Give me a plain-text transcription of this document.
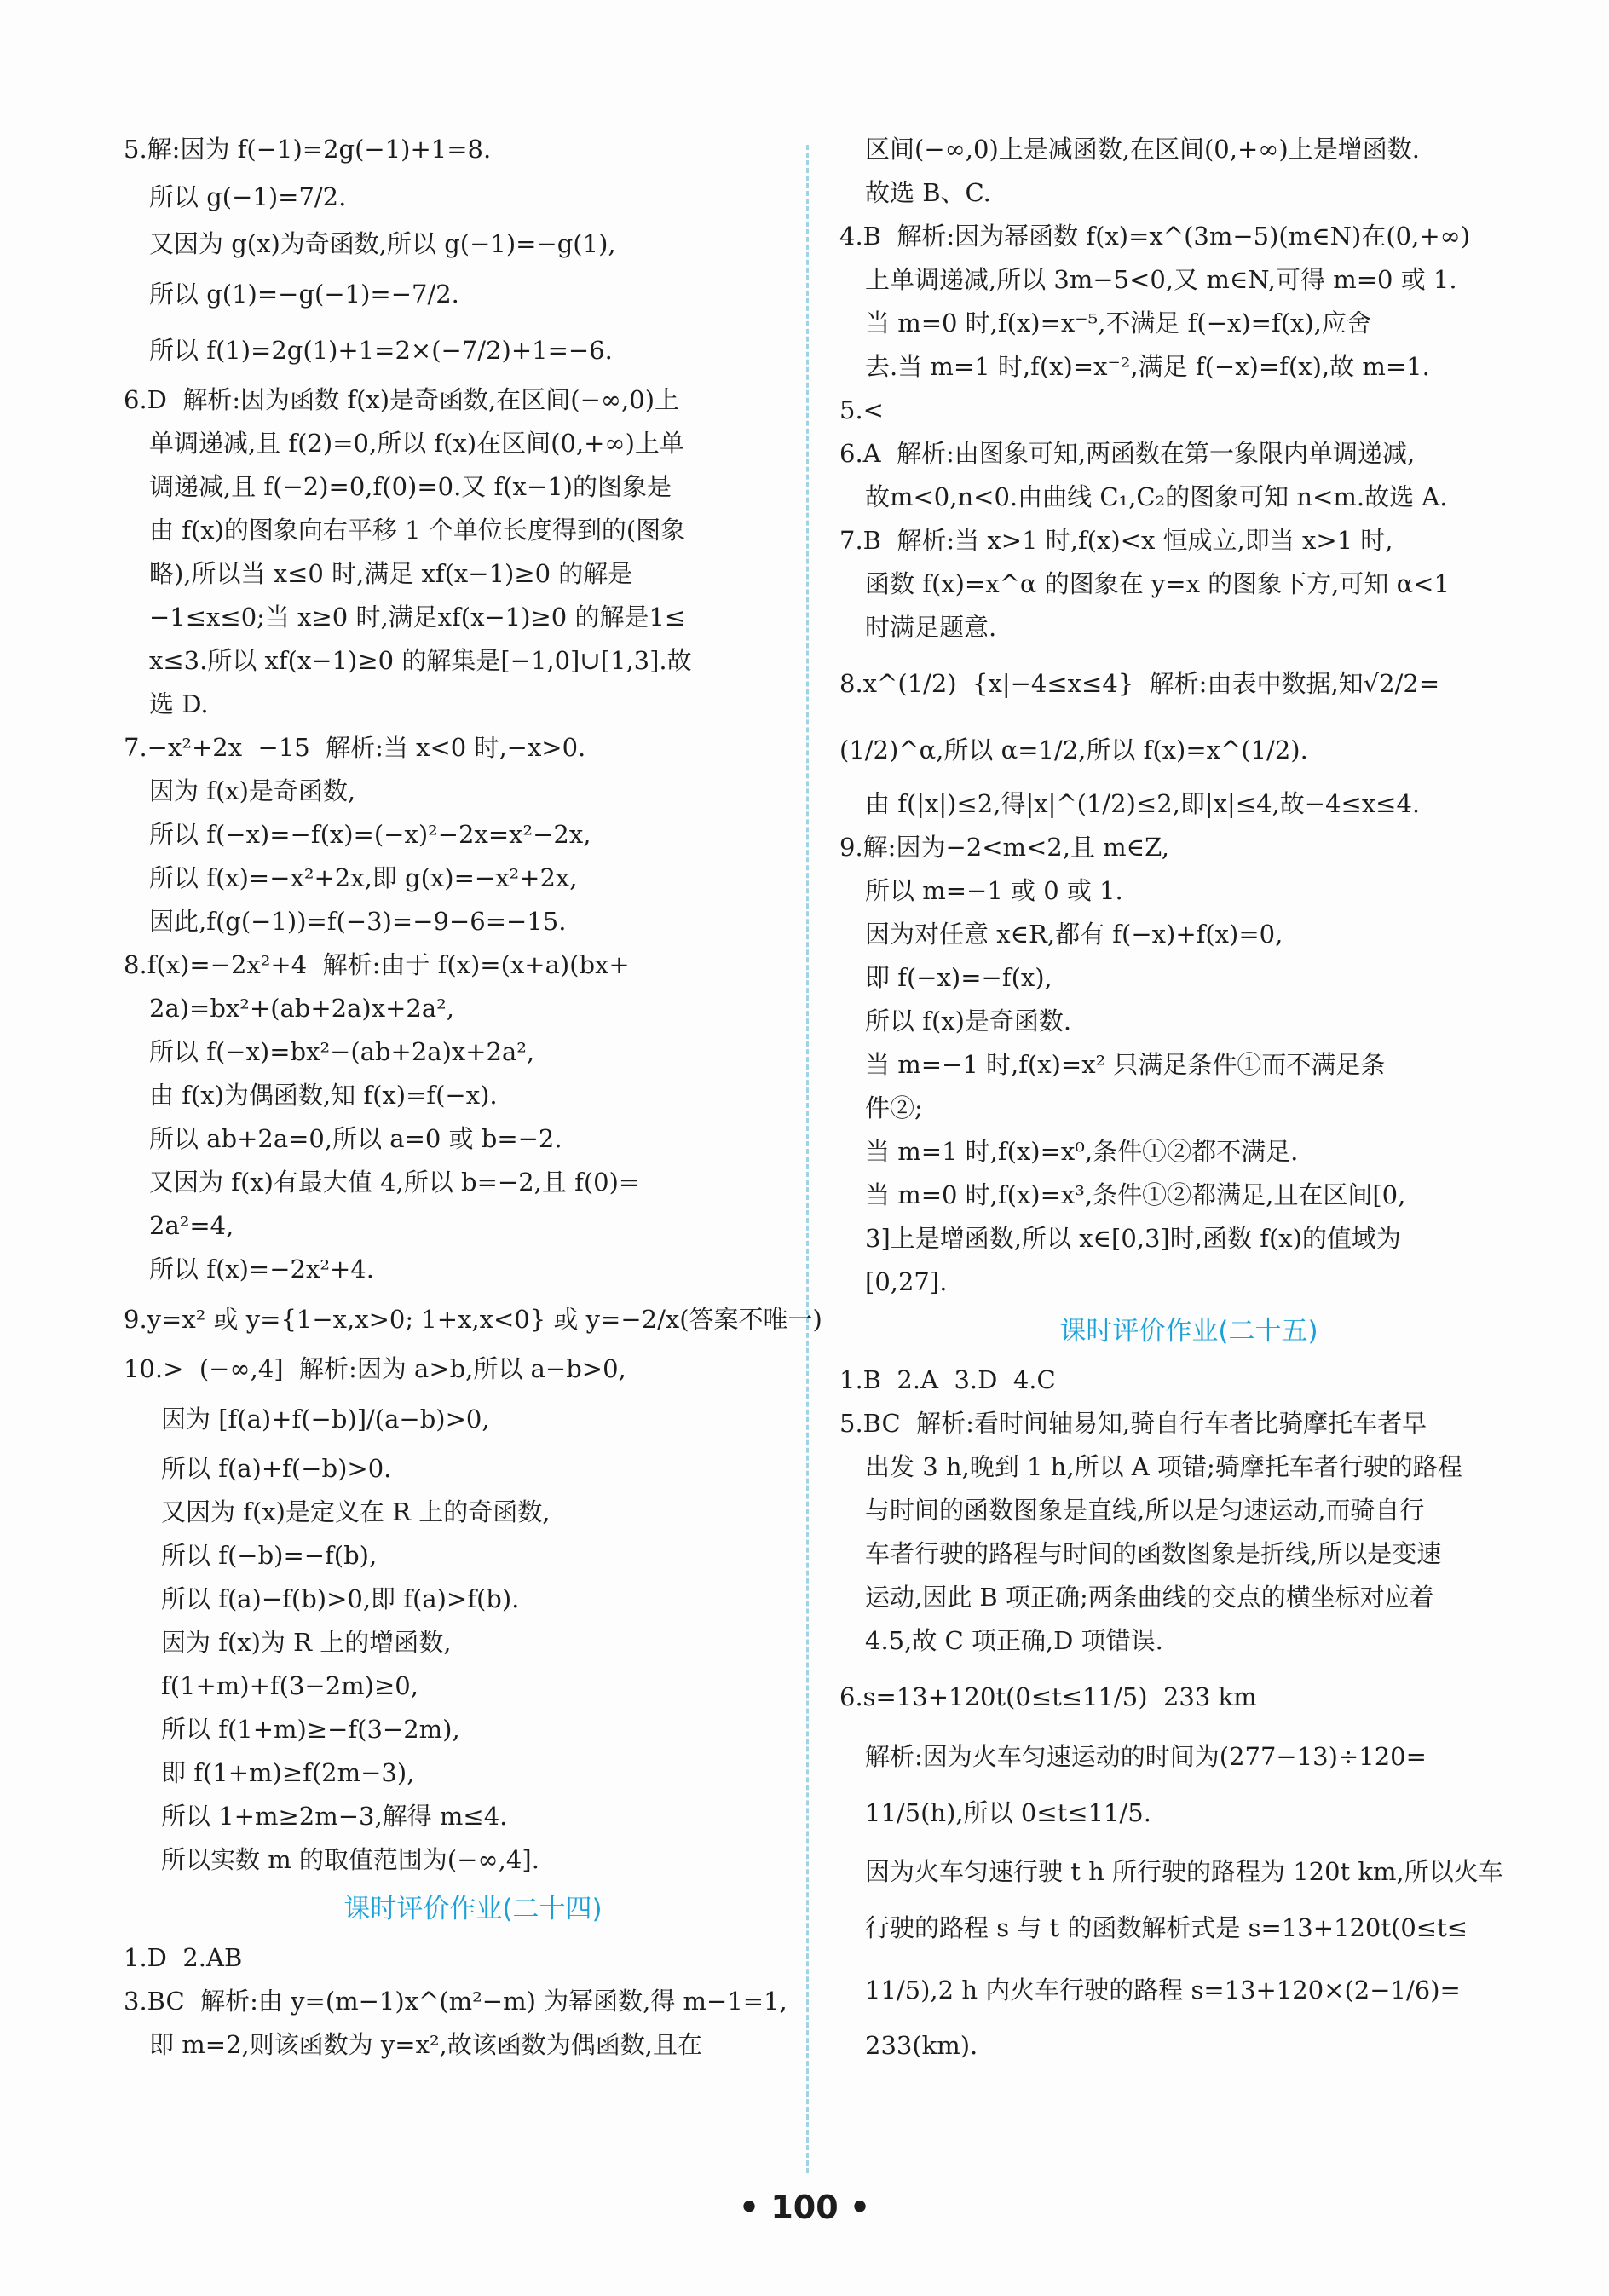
5.解:因为 f(−1)=2g(−1)+1=8.
所以 g(−1)=7/2.
又因为 g(x)为奇函数,所以 g(−1)=−g(1),
所以 g(1)=−g(−1)=−7/2.
所以 f(1)=2g(1)+1=2×(−7/2)+1=−6.
6.D  解析:因为函数 f(x)是奇函数,在区间(−∞,0)上
单调递减,且 f(2)=0,所以 f(x)在区间(0,+∞)上单
调递减,且 f(−2)=0,f(0)=0.又 f(x−1)的图象是
由 f(x)的图象向右平移 1 个单位长度得到的(图象
略),所以当 x≤0 时,满足 xf(x−1)≥0 的解是
−1≤x≤0;当 x≥0 时,满足xf(x−1)≥0 的解是1≤
x≤3.所以 xf(x−1)≥0 的解集是[−1,0]∪[1,3].故
选 D.
7.−x²+2x  −15  解析:当 x<0 时,−x>0.
因为 f(x)是奇函数,
所以 f(−x)=−f(x)=(−x)²−2x=x²−2x,
所以 f(x)=−x²+2x,即 g(x)=−x²+2x,
因此,f(g(−1))=f(−3)=−9−6=−15.
8.f(x)=−2x²+4  解析:由于 f(x)=(x+a)(bx+
2a)=bx²+(ab+2a)x+2a²,
所以 f(−x)=bx²−(ab+2a)x+2a²,
由 f(x)为偶函数,知 f(x)=f(−x).
所以 ab+2a=0,所以 a=0 或 b=−2.
又因为 f(x)有最大值 4,所以 b=−2,且 f(0)=
2a²=4,
所以 f(x)=−2x²+4.
9.y=x² 或 y={1−x,x>0; 1+x,x<0} 或 y=−2/x(答案不唯一)
10.>  (−∞,4]  解析:因为 a>b,所以 a−b>0,
因为 [f(a)+f(−b)]/(a−b)>0,
所以 f(a)+f(−b)>0.
又因为 f(x)是定义在 R 上的奇函数,
所以 f(−b)=−f(b),
所以 f(a)−f(b)>0,即 f(a)>f(b).
因为 f(x)为 R 上的增函数,
f(1+m)+f(3−2m)≥0,
所以 f(1+m)≥−f(3−2m),
即 f(1+m)≥f(2m−3),
所以 1+m≥2m−3,解得 m≤4.
所以实数 m 的取值范围为(−∞,4].
课时评价作业(二十四)
1.D  2.AB
3.BC  解析:由 y=(m−1)x^(m²−m) 为幂函数,得 m−1=1,
即 m=2,则该函数为 y=x²,故该函数为偶函数,且在
区间(−∞,0)上是减函数,在区间(0,+∞)上是增函数.
故选 B、C.
4.B  解析:因为幂函数 f(x)=x^(3m−5)(m∈N)在(0,+∞)
上单调递减,所以 3m−5<0,又 m∈N,可得 m=0 或 1.
当 m=0 时,f(x)=x⁻⁵,不满足 f(−x)=f(x),应舍
去.当 m=1 时,f(x)=x⁻²,满足 f(−x)=f(x),故 m=1.
5.<
6.A  解析:由图象可知,两函数在第一象限内单调递减,
故m<0,n<0.由曲线 C₁,C₂的图象可知 n<m.故选 A.
7.B  解析:当 x>1 时,f(x)<x 恒成立,即当 x>1 时,
函数 f(x)=x^α 的图象在 y=x 的图象下方,可知 α<1
时满足题意.
8.x^(1/2)  {x|−4≤x≤4}  解析:由表中数据,知√2/2=
(1/2)^α,所以 α=1/2,所以 f(x)=x^(1/2).
由 f(|x|)≤2,得|x|^(1/2)≤2,即|x|≤4,故−4≤x≤4.
9.解:因为−2<m<2,且 m∈Z,
所以 m=−1 或 0 或 1.
因为对任意 x∈R,都有 f(−x)+f(x)=0,
即 f(−x)=−f(x),
所以 f(x)是奇函数.
当 m=−1 时,f(x)=x² 只满足条件①而不满足条
件②;
当 m=1 时,f(x)=x⁰,条件①②都不满足.
当 m=0 时,f(x)=x³,条件①②都满足,且在区间[0,
3]上是增函数,所以 x∈[0,3]时,函数 f(x)的值域为
[0,27].
课时评价作业(二十五)
1.B  2.A  3.D  4.C
5.BC  解析:看时间轴易知,骑自行车者比骑摩托车者早
出发 3 h,晚到 1 h,所以 A 项错;骑摩托车者行驶的路程
与时间的函数图象是直线,所以是匀速运动,而骑自行
车者行驶的路程与时间的函数图象是折线,所以是变速
运动,因此 B 项正确;两条曲线的交点的横坐标对应着
4.5,故 C 项正确,D 项错误.
6.s=13+120t(0≤t≤11/5)  233 km
解析:因为火车匀速运动的时间为(277−13)÷120=
11/5(h),所以 0≤t≤11/5.
因为火车匀速行驶 t h 所行驶的路程为 120t km,所以火车
行驶的路程 s 与 t 的函数解析式是 s=13+120t(0≤t≤
11/5),2 h 内火车行驶的路程 s=13+120×(2−1/6)=
233(km).
• 100 •
